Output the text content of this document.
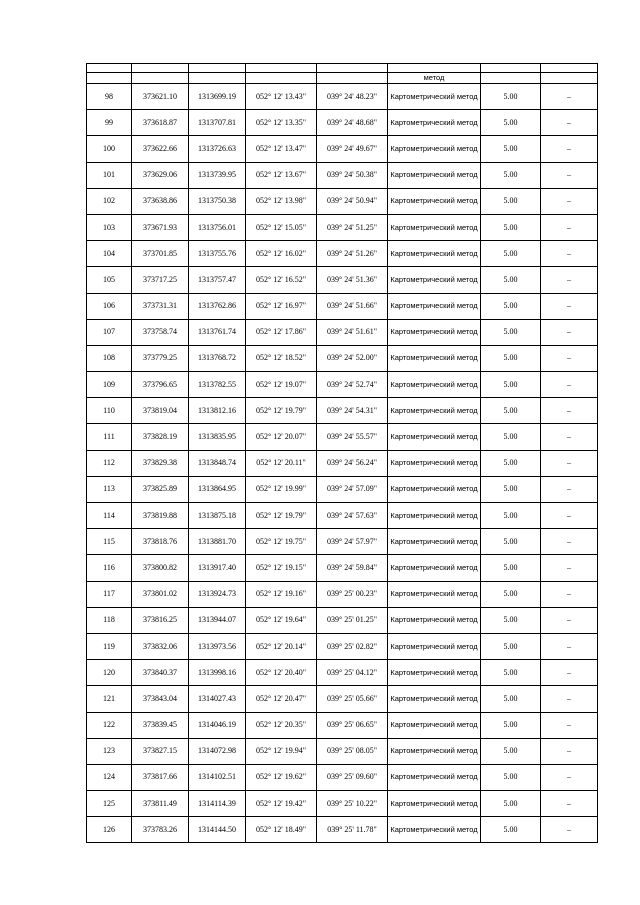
					метод		
98	373621.10	1313699.19	052° 12' 13.43"	039° 24' 48.23"	Картометрический метод	5.00	–
99	373618.87	1313707.81	052° 12' 13.35"	039° 24' 48.68"	Картометрический метод	5.00	–
100	373622.66	1313726.63	052° 12' 13.47"	039° 24' 49.67"	Картометрический метод	5.00	–
101	373629.06	1313739.95	052° 12' 13.67"	039° 24' 50.38"	Картометрический метод	5.00	–
102	373638.86	1313750.38	052° 12' 13.98"	039° 24' 50.94"	Картометрический метод	5.00	–
103	373671.93	1313756.01	052° 12' 15.05"	039° 24' 51.25"	Картометрический метод	5.00	–
104	373701.85	1313755.76	052° 12' 16.02"	039° 24' 51.26"	Картометрический метод	5.00	–
105	373717.25	1313757.47	052° 12' 16.52"	039° 24' 51.36"	Картометрический метод	5.00	–
106	373731.31	1313762.86	052° 12' 16.97"	039° 24' 51.66"	Картометрический метод	5.00	–
107	373758.74	1313761.74	052° 12' 17.86"	039° 24' 51.61"	Картометрический метод	5.00	–
108	373779.25	1313768.72	052° 12' 18.52"	039° 24' 52.00"	Картометрический метод	5.00	–
109	373796.65	1313782.55	052° 12' 19.07"	039° 24' 52.74"	Картометрический метод	5.00	–
110	373819.04	1313812.16	052° 12' 19.79"	039° 24' 54.31"	Картометрический метод	5.00	–
111	373828.19	1313835.95	052° 12' 20.07"	039° 24' 55.57"	Картометрический метод	5.00	–
112	373829.38	1313848.74	052° 12' 20.11"	039° 24' 56.24"	Картометрический метод	5.00	–
113	373825.89	1313864.95	052° 12' 19.99"	039° 24' 57.09"	Картометрический метод	5.00	–
114	373819.88	1313875.18	052° 12' 19.79"	039° 24' 57.63"	Картометрический метод	5.00	–
115	373818.76	1313881.70	052° 12' 19.75"	039° 24' 57.97"	Картометрический метод	5.00	–
116	373800.82	1313917.40	052° 12' 19.15"	039° 24' 59.84"	Картометрический метод	5.00	–
117	373801.02	1313924.73	052° 12' 19.16"	039° 25' 00.23"	Картометрический метод	5.00	–
118	373816.25	1313944.07	052° 12' 19.64"	039° 25' 01.25"	Картометрический метод	5.00	–
119	373832.06	1313973.56	052° 12' 20.14"	039° 25' 02.82"	Картометрический метод	5.00	–
120	373840.37	1313998.16	052° 12' 20.40"	039° 25' 04.12"	Картометрический метод	5.00	–
121	373843.04	1314027.43	052° 12' 20.47"	039° 25' 05.66"	Картометрический метод	5.00	–
122	373839.45	1314046.19	052° 12' 20.35"	039° 25' 06.65"	Картометрический метод	5.00	–
123	373827.15	1314072.98	052° 12' 19.94"	039° 25' 08.05"	Картометрический метод	5.00	–
124	373817.66	1314102.51	052° 12' 19.62"	039° 25' 09.60"	Картометрический метод	5.00	–
125	373811.49	1314114.39	052° 12' 19.42"	039° 25' 10.22"	Картометрический метод	5.00	–
126	373783.26	1314144.50	052° 12' 18.49"	039° 25' 11.78"	Картометрический метод	5.00	–
